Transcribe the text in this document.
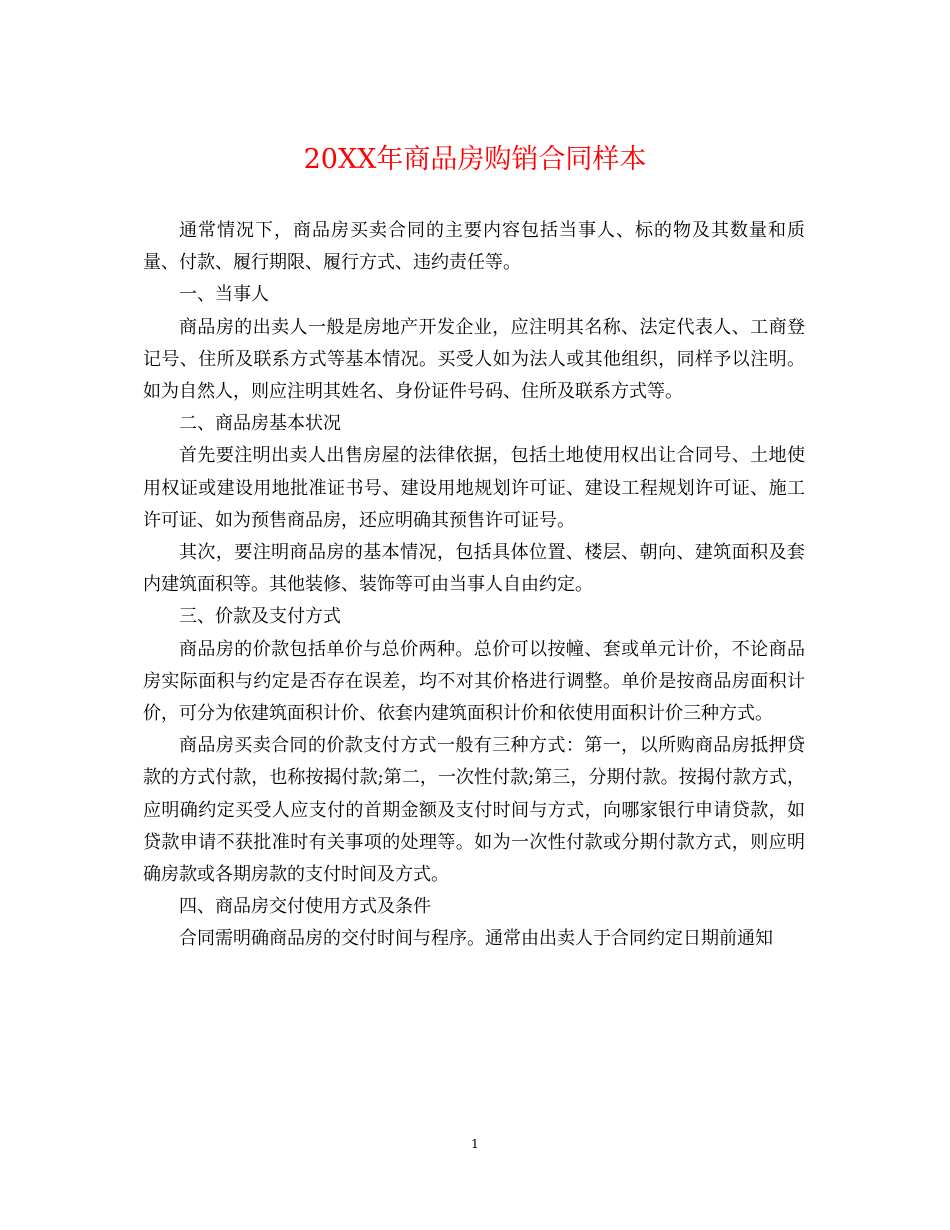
20XX年商品房购销合同样本

通常情况下，商品房买卖合同的主要内容包括当事人、标的物及其数量和质量、付款、履行期限、履行方式、违约责任等。

一、当事人

商品房的出卖人一般是房地产开发企业，应注明其名称、法定代表人、工商登记号、住所及联系方式等基本情况。买受人如为法人或其他组织，同样予以注明。如为自然人，则应注明其姓名、身份证件号码、住所及联系方式等。

二、商品房基本状况

首先要注明出卖人出售房屋的法律依据，包括土地使用权出让合同号、土地使用权证或建设用地批准证书号、建设用地规划许可证、建设工程规划许可证、施工许可证、如为预售商品房，还应明确其预售许可证号。

其次，要注明商品房的基本情况，包括具体位置、楼层、朝向、建筑面积及套内建筑面积等。其他装修、装饰等可由当事人自由约定。

三、价款及支付方式

商品房的价款包括单价与总价两种。总价可以按幢、套或单元计价，不论商品房实际面积与约定是否存在误差，均不对其价格进行调整。单价是按商品房面积计价，可分为依建筑面积计价、依套内建筑面积计价和依使用面积计价三种方式。

商品房买卖合同的价款支付方式一般有三种方式：第一，以所购商品房抵押贷款的方式付款，也称按揭付款;第二，一次性付款;第三，分期付款。按揭付款方式，应明确约定买受人应支付的首期金额及支付时间与方式，向哪家银行申请贷款，如贷款申请不获批准时有关事项的处理等。如为一次性付款或分期付款方式，则应明确房款或各期房款的支付时间及方式。

四、商品房交付使用方式及条件

合同需明确商品房的交付时间与程序。通常由出卖人于合同约定日期前通知

1
